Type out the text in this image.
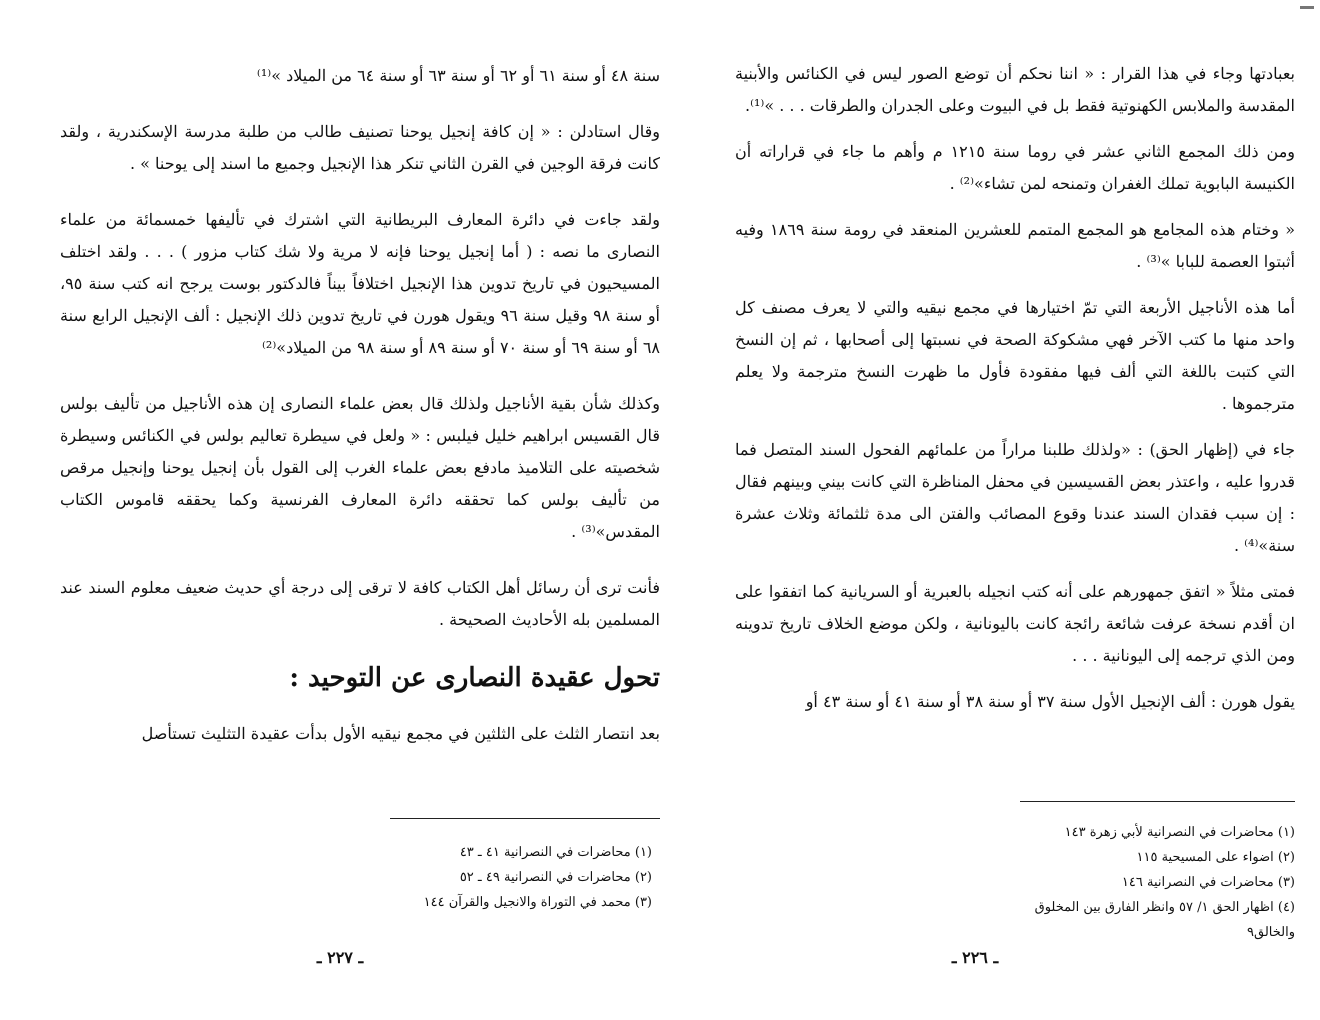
سنة ٤٨ أو سنة ٦١ أو ٦٢ أو سنة ٦٣ أو سنة ٦٤ من الميلاد »⁽¹⁾

وقال استادلن : « إن كافة إنجيل يوحنا تصنيف طالب من طلبة مدرسة الإسكندرية ، ولقد كانت فرقة الوجين في القرن الثاني تنكر هذا الإنجيل وجميع ما اسند إلى يوحنا » .

ولقد جاءت في دائرة المعارف البريطانية التي اشترك في تأليفها خمسمائة من علماء النصارى ما نصه : ( أما إنجيل يوحنا فإنه لا مرية ولا شك كتاب مزور ) . . . ولقد اختلف المسيحيون في تاريخ تدوين هذا الإنجيل اختلافاً بيناً فالدكتور بوست يرجح انه كتب سنة ٩٥، أو سنة ٩٨ وقيل سنة ٩٦ ويقول هورن في تاريخ تدوين ذلك الإنجيل : ألف الإنجيل الرابع سنة ٦٨ أو سنة ٦٩ أو سنة ٧٠ أو سنة ٨٩ أو سنة ٩٨ من الميلاد»⁽²⁾

وكذلك شأن بقية الأناجيل ولذلك قال بعض علماء النصارى إن هذه الأناجيل من تأليف بولس قال القسيس ابراهيم خليل فيلبس : « ولعل في سيطرة تعاليم بولس في الكنائس وسيطرة شخصيته على التلاميذ مادفع بعض علماء الغرب إلى القول بأن إنجيل يوحنا وإنجيل مرقص من تأليف بولس كما تحققه دائرة المعارف الفرنسية وكما يحققه قاموس الكتاب المقدس»⁽³⁾ .

فأنت ترى أن رسائل أهل الكتاب كافة لا ترقى إلى درجة أي حديث ضعيف معلوم السند عند المسلمين بله الأحاديث الصحيحة .

تحول عقيدة النصارى عن التوحيد :

بعد انتصار الثلث على الثلثين في مجمع نيقيه الأول بدأت عقيدة التثليث تستأصل

(١) محاضرات في النصرانية ٤١ ـ ٤٣
(٢) محاضرات في النصرانية ٤٩ ـ ٥٢
(٣) محمد في التوراة والانجيل والقرآن ١٤٤
ـ ٢٢٧ ـ

بعبادتها وجاء في هذا القرار : « اننا نحكم أن توضع الصور ليس في الكنائس والأبنية المقدسة والملابس الكهنوتية فقط بل في البيوت وعلى الجدران والطرقات . . . »⁽¹⁾.

ومن ذلك المجمع الثاني عشر في روما سنة ١٢١٥ م وأهم ما جاء في قراراته أن الكنيسة البابوية تملك الغفران وتمنحه لمن تشاء»⁽²⁾ .

« وختام هذه المجامع هو المجمع المتمم للعشرين المنعقد في رومة سنة ١٨٦٩ وفيه أثبتوا العصمة للبابا »⁽³⁾ .

أما هذه الأناجيل الأربعة التي تمّ اختيارها في مجمع نيقيه والتي لا يعرف مصنف كل واحد منها ما كتب الآخر فهي مشكوكة الصحة في نسبتها إلى أصحابها ، ثم إن النسخ التي كتبت باللغة التي ألف فيها مفقودة فأول ما ظهرت النسخ مترجمة ولا يعلم مترجموها .

جاء في (إظهار الحق) : «ولذلك طلبنا مراراً من علمائهم الفحول السند المتصل فما قدروا عليه ، واعتذر بعض القسيسين في محفل المناظرة التي كانت بيني وبينهم فقال : إن سبب فقدان السند عندنا وقوع المصائب والفتن الى مدة ثلثمائة وثلاث عشرة سنة»⁽⁴⁾ .

فمتى مثلاً « اتفق جمهورهم على أنه كتب انجيله بالعبرية أو السريانية كما اتفقوا على ان أقدم نسخة عرفت شائعة رائجة كانت باليونانية ، ولكن موضع الخلاف تاريخ تدوينه ومن الذي ترجمه إلى اليونانية . . .

يقول هورن : ألف الإنجيل الأول سنة ٣٧ أو سنة ٣٨ أو سنة ٤١ أو سنة ٤٣ أو

(١) محاضرات في النصرانية لأبي زهرة ١٤٣
(٢) اضواء على المسيحية ١١٥
(٣) محاضرات في النصرانية ١٤٦
(٤) اظهار الحق ١/ ٥٧ وانظر الفارق بين المخلوق والخالق٩
ـ ٢٢٦ ـ
